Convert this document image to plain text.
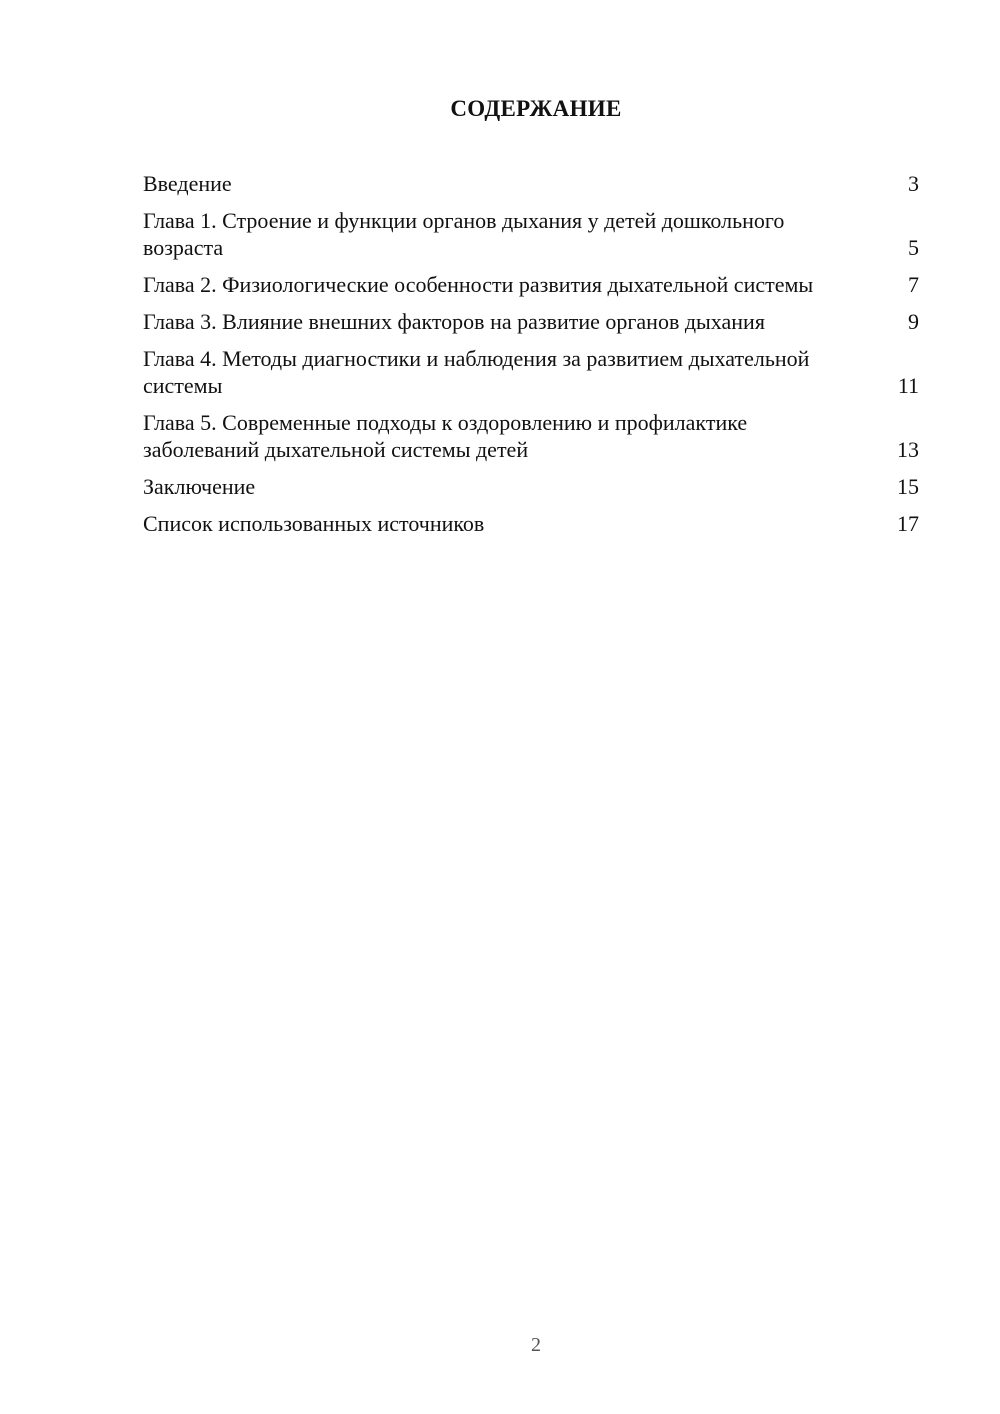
СОДЕРЖАНИЕ
Введение	3
Глава 1. Строение и функции органов дыхания у детей дошкольного возраста	5
Глава 2. Физиологические особенности развития дыхательной системы	7
Глава 3. Влияние внешних факторов на развитие органов дыхания	9
Глава 4. Методы диагностики и наблюдения за развитием дыхательной системы	11
Глава 5. Современные подходы к оздоровлению и профилактике заболеваний дыхательной системы детей	13
Заключение	15
Список использованных источников	17
2
